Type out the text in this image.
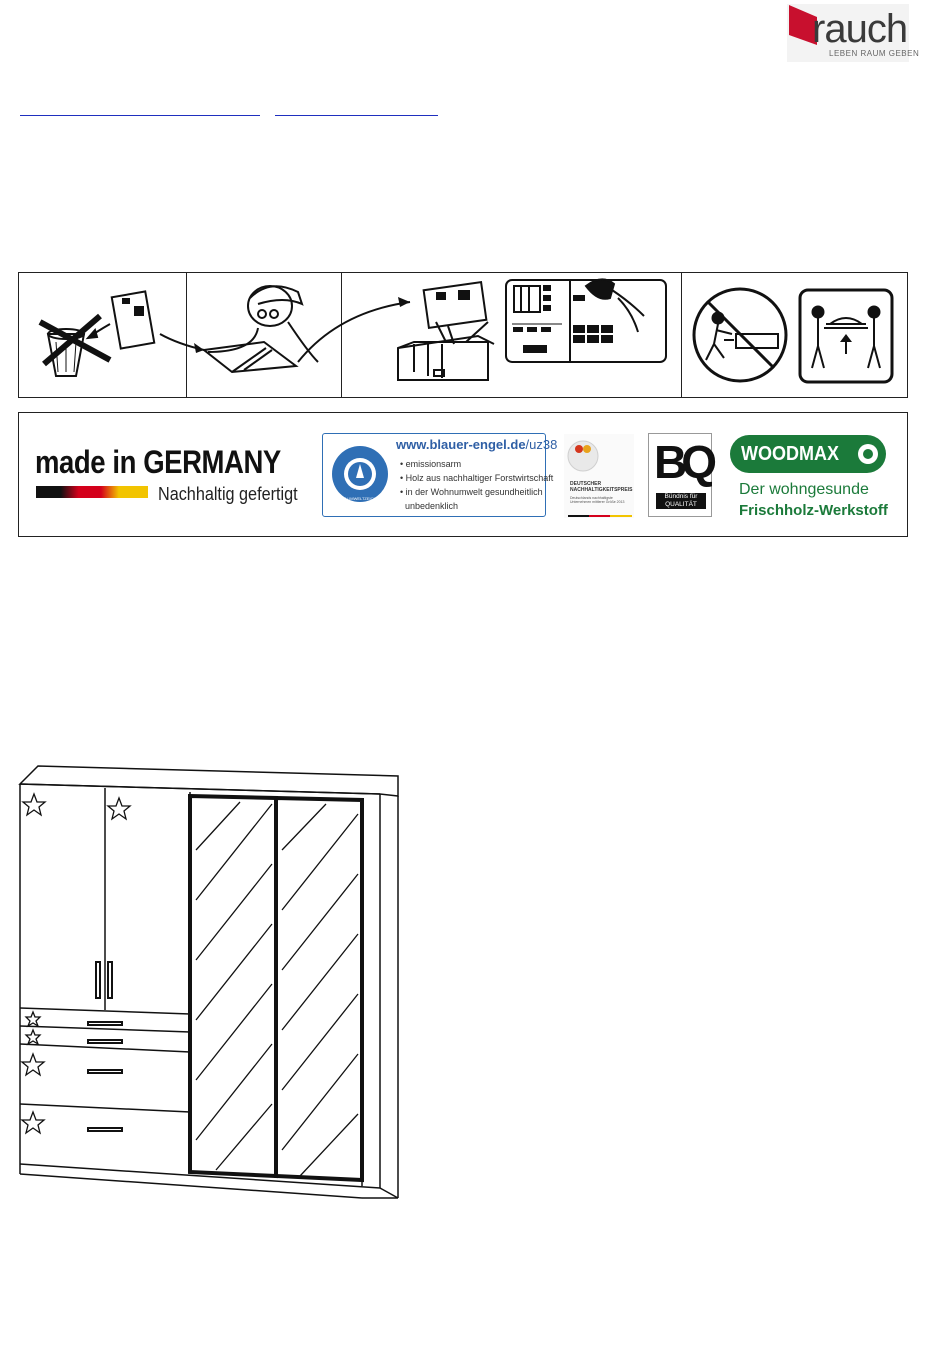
rauch
LEBEN RAUM GEBEN
made in GERMANY
Nachhaltig gefertigt
BLAUER ENGEL
DAS UMWELTZEICHEN
www.blauer-engel.de/uz38
• emissionsarm
• Holz aus nachhaltiger Forstwirtschaft
• in der Wohnumwelt gesundheitlich
unbedenklich
DEUTSCHER
NACHHALTIGKEITSPREIS
Deutschlands nachhaltigste
Unternehmen mittlerer Größe 2013
BQ
Bündnis für
QUALITÄT
WOODMAX
Der wohngesunde
Frischholz-Werkstoff
